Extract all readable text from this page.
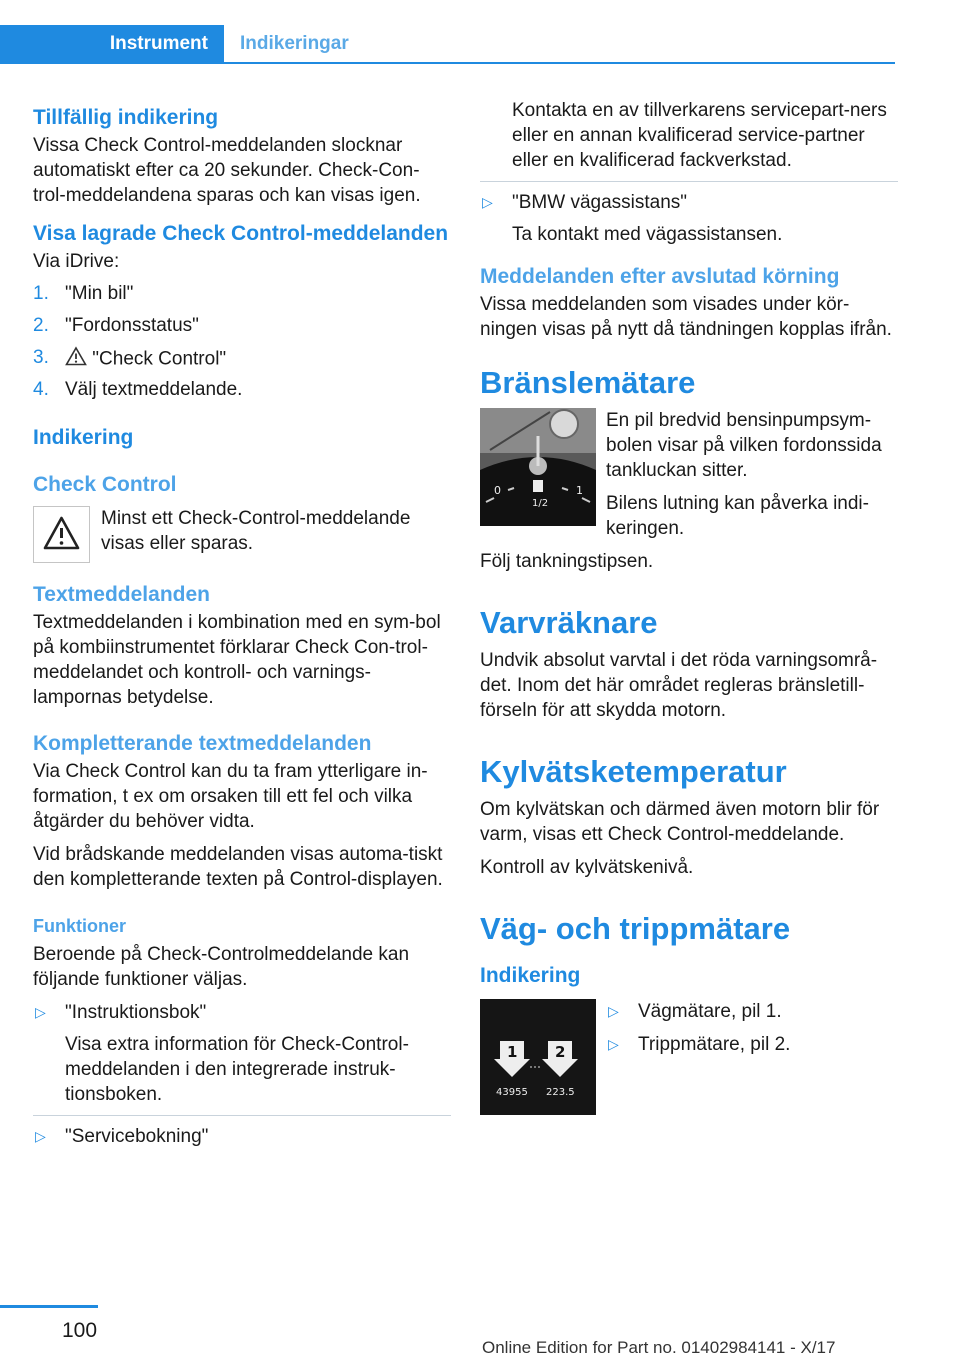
Instrument	Indikeringar
Tillfällig indikering

Vissa Check Control-meddelanden slocknar automatiskt efter ca 20 sekunder. Check-Con-trol-meddelandena sparas och kan visas igen.

Visa lagrade Check Control-meddelanden

Via iDrive:

1. "Min bil"
2. "Fordonsstatus"
3. "Check Control"
4. Välj textmeddelande.
Indikering
Check Control
Minst ett Check-Control-meddelande visas eller sparas.
Textmeddelanden

Textmeddelanden i kombination med en sym-bol på kombiinstrumentet förklarar Check Con-trol-meddelandet och kontroll- och varnings-lampornas betydelse.

Kompletterande textmeddelanden

Via Check Control kan du ta fram ytterligare in-formation, t ex om orsaken till ett fel och vilka åtgärder du behöver vidta.

Vid brådskande meddelanden visas automa-tiskt den kompletterande texten på Control-displayen.

Funktioner

Beroende på Check-Controlmeddelande kan följande funktioner väljas.

▷ "Instruktionsbok"
Visa extra information för Check-Control-meddelanden i den integrerade instruk-tionsboken.
▷ "Servicebokning"

Kontakta en av tillverkarens servicepart-ners eller en annan kvalificerad service-partner eller en kvalificerad fackverkstad.

▷ "BMW vägassistans"
Ta kontakt med vägassistansen.
Meddelanden efter avslutad körning

Vissa meddelanden som visades under kör-ningen visas på nytt då tändningen kopplas ifrån.

Bränslemätare
0
1/2
1

En pil bredvid bensinpumpsym-bolen visar på vilken fordonssida tankluckan sitter.

Bilens lutning kan påverka indi-keringen.

Följ tankningstipsen.

Varvräknare

Undvik absolut varvtal i det röda varningsområ-det. Inom det här området regleras bränsletill-förseln för att skydda motorn.

Kylvätsketemperatur

Om kylvätskan och därmed även motorn blir för varm, visas ett Check Control-meddelande.

Kontroll av kylvätskenivå.

Väg- och trippmätare
Indikering
1	2
43955 223.5
▷ Vägmätare, pil 1.
▷ Trippmätare, pil 2.
100
Online Edition for Part no. 01402984141 - X/17
